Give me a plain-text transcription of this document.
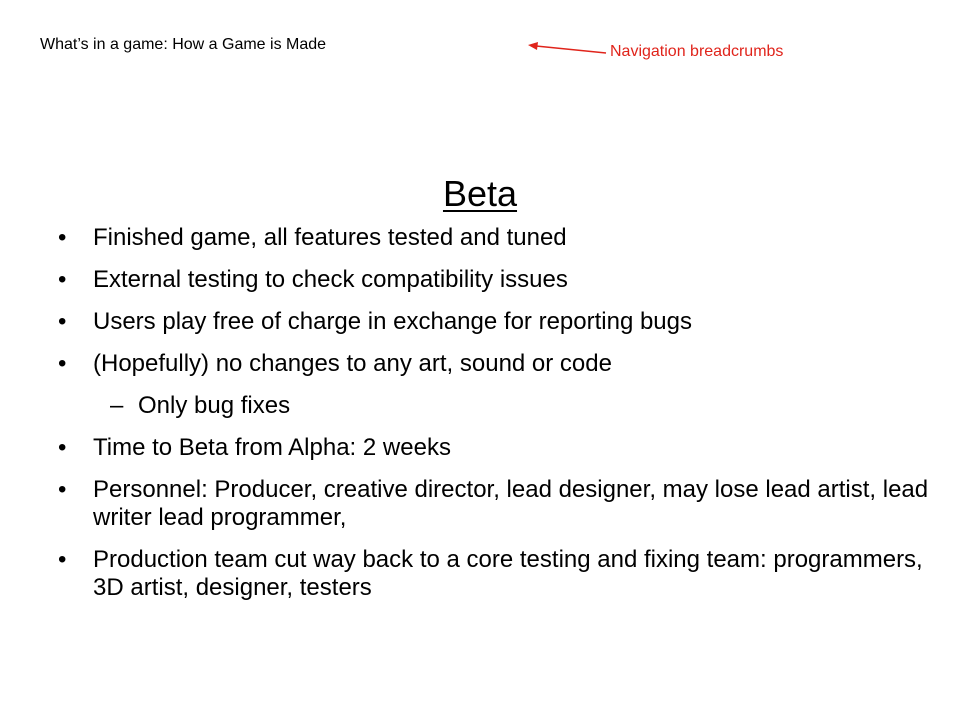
What’s in a game: How a Game is Made	Navigation breadcrumbs
Beta
• Finished game, all features tested and tuned
• External testing to check compatibility issues
• Users play free of charge in exchange for reporting bugs
• (Hopefully) no changes to any art, sound or code
– Only bug fixes
• Time to Beta from Alpha: 2 weeks
• Personnel: Producer, creative director, lead designer, may lose lead artist, lead writer lead programmer,
• Production team cut way back to a core testing and fixing team: programmers, 3D artist, designer, testers
